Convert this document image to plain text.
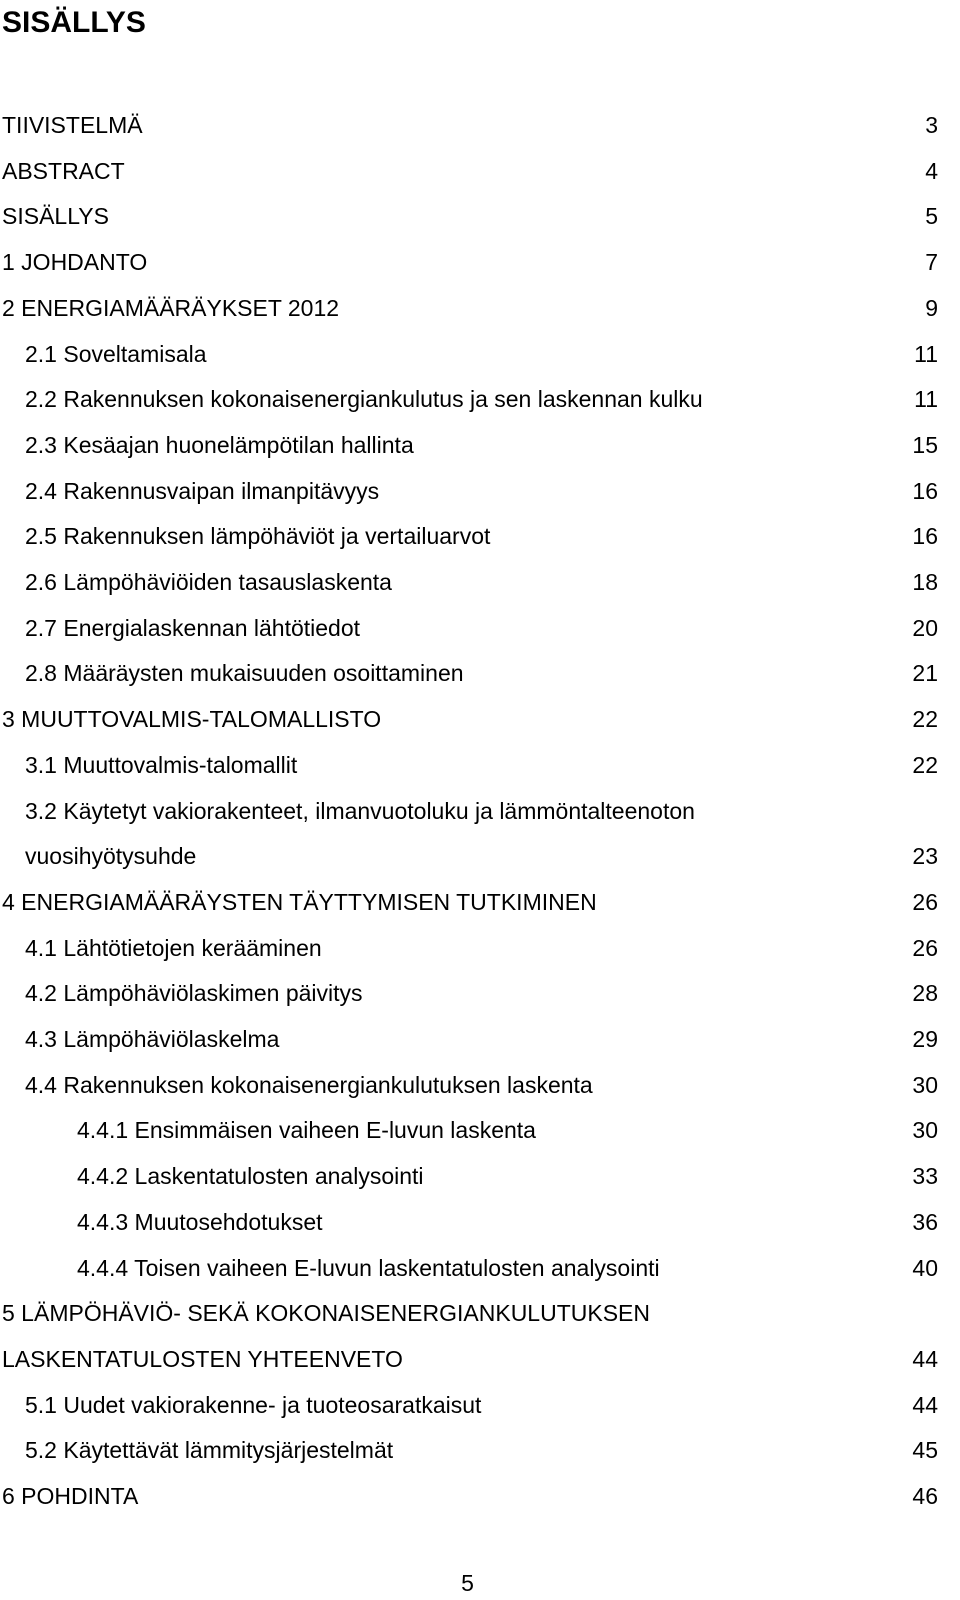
SISÄLLYS
TIIVISTELMÄ	3
ABSTRACT	4
SISÄLLYS	5
1 JOHDANTO	7
2 ENERGIAMÄÄRÄYKSET 2012	9
2.1 Soveltamisala	11
2.2 Rakennuksen kokonaisenergiankulutus ja sen laskennan kulku	11
2.3 Kesäajan huonelämpötilan hallinta	15
2.4 Rakennusvaipan ilmanpitävyys	16
2.5 Rakennuksen lämpöhäviöt ja vertailuarvot	16
2.6 Lämpöhäviöiden tasauslaskenta	18
2.7 Energialaskennan lähtötiedot	20
2.8 Määräysten mukaisuuden osoittaminen	21
3 MUUTTOVALMIS-TALOMALLISTO	22
3.1 Muuttovalmis-talomallit	22
3.2 Käytetyt vakiorakenteet, ilmanvuotoluku ja lämmöntalteenoton
vuosihyötysuhde	23
4 ENERGIAMÄÄRÄYSTEN TÄYTTYMISEN TUTKIMINEN	26
4.1 Lähtötietojen kerääminen	26
4.2 Lämpöhäviölaskimen päivitys	28
4.3 Lämpöhäviölaskelma	29
4.4 Rakennuksen kokonaisenergiankulutuksen laskenta	30
4.4.1 Ensimmäisen vaiheen E-luvun laskenta	30
4.4.2 Laskentatulosten analysointi	33
4.4.3 Muutosehdotukset	36
4.4.4 Toisen vaiheen E-luvun laskentatulosten analysointi	40
5 LÄMPÖHÄVIÖ- SEKÄ KOKONAISENERGIANKULUTUKSEN
LASKENTATULOSTEN YHTEENVETO	44
5.1 Uudet vakiorakenne- ja tuoteosaratkaisut	44
5.2 Käytettävät lämmitysjärjestelmät	45
6 POHDINTA	46
5
